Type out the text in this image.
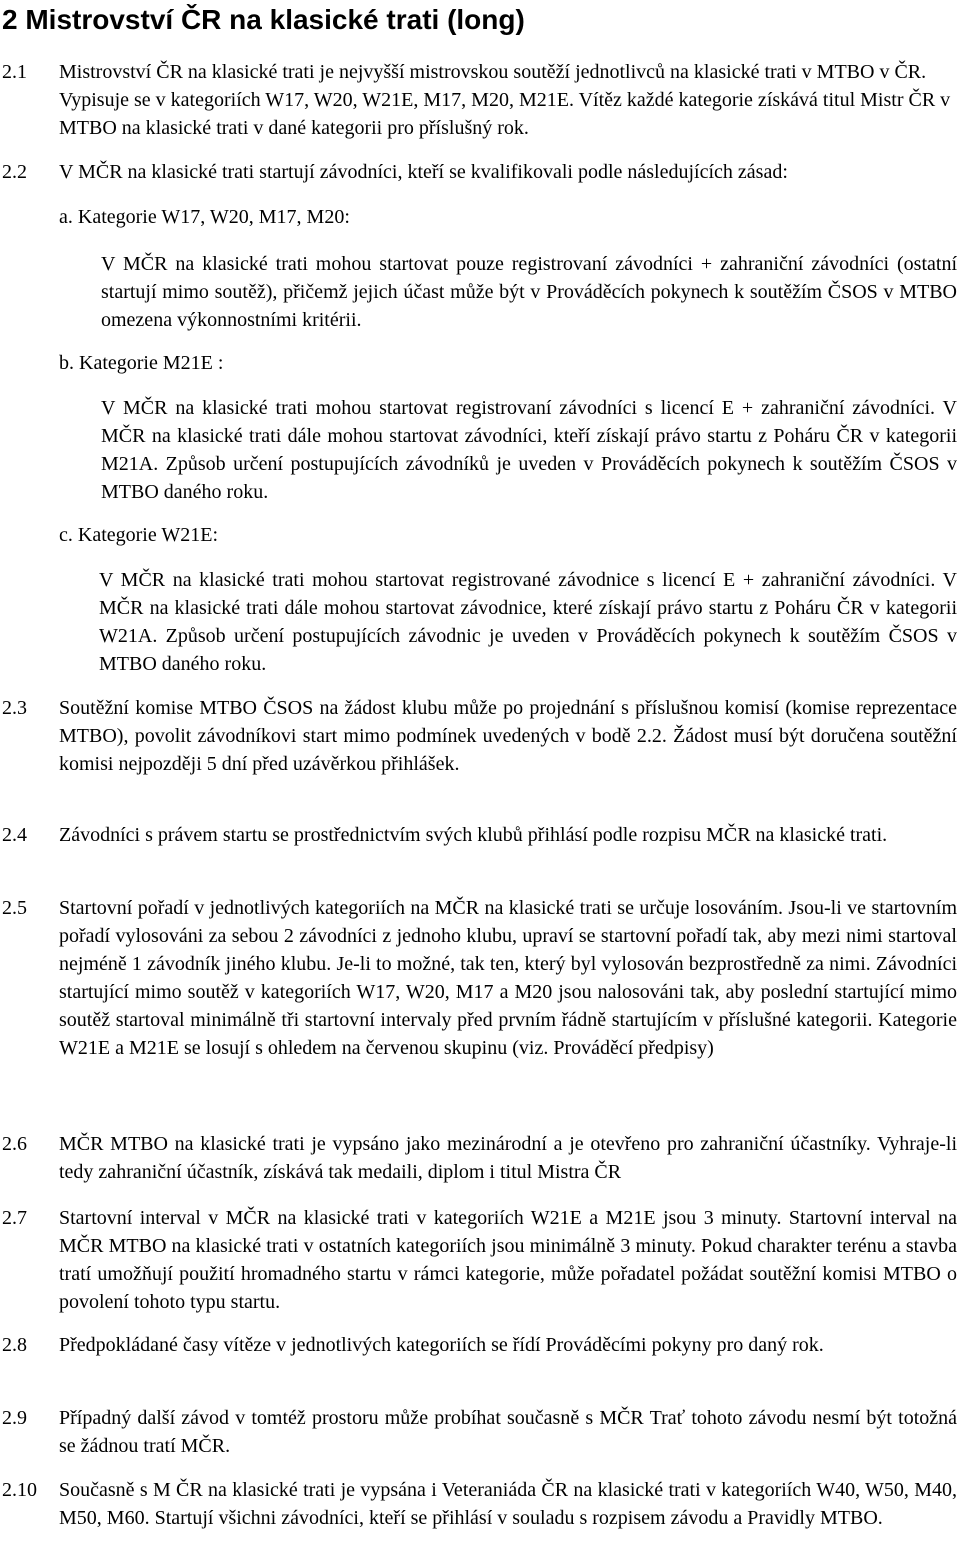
2 Mistrovství ČR na klasické trati (long)
2.1 Mistrovství ČR na klasické trati je nejvyšší mistrovskou soutěží jednotlivců na klasické trati v MTBO v ČR. Vypisuje se v kategoriích W17, W20, W21E, M17, M20, M21E. Vítěz každé kategorie získává titul Mistr ČR v MTBO na klasické trati v dané kategorii pro příslušný rok.
2.2 V MČR na klasické trati startují závodníci, kteří se kvalifikovali podle následujících zásad:
a. Kategorie W17, W20, M17, M20:
V MČR na klasické trati mohou startovat pouze registrovaní závodníci + zahraniční závodníci (ostatní startují mimo soutěž), přičemž jejich účast může být v Prováděcích pokynech k soutěžím ČSOS v MTBO omezena výkonnostními kritérii.
b. Kategorie M21E :
V MČR na klasické trati mohou startovat registrovaní závodníci s licencí E + zahraniční závodníci. V MČR na klasické trati dále mohou startovat závodníci, kteří získají právo startu z Poháru ČR v kategorii M21A. Způsob určení postupujících závodníků je uveden v Prováděcích pokynech k soutěžím ČSOS v MTBO daného roku.
c. Kategorie W21E:
V MČR na klasické trati mohou startovat registrované závodnice s licencí E + zahraniční závodníci. V MČR na klasické trati dále mohou startovat závodnice, které získají právo startu z Poháru ČR v kategorii W21A. Způsob určení postupujících závodnic je uveden v Prováděcích pokynech k soutěžím ČSOS v MTBO daného roku.
2.3 Soutěžní komise MTBO ČSOS na žádost klubu může po projednání s příslušnou komisí (komise reprezentace MTBO), povolit závodníkovi start mimo podmínek uvedených v bodě 2.2. Žádost musí být doručena soutěžní komisi nejpozději 5 dní před uzávěrkou přihlášek.
2.4 Závodníci s právem startu se prostřednictvím svých klubů přihlásí podle rozpisu MČR na klasické trati.
2.5 Startovní pořadí v jednotlivých kategoriích na MČR na klasické trati se určuje losováním. Jsou-li ve startovním pořadí vylosováni za sebou 2 závodníci z jednoho klubu, upraví se startovní pořadí tak, aby mezi nimi startoval nejméně 1 závodník jiného klubu. Je-li to možné, tak ten, který byl vylosován bezprostředně za nimi. Závodníci startující mimo soutěž v kategoriích W17, W20, M17 a M20 jsou nalosováni tak, aby poslední startující mimo soutěž startoval minimálně tři startovní intervaly před prvním řádně startujícím v příslušné kategorii. Kategorie W21E a M21E se losují s ohledem na červenou skupinu (viz. Prováděcí předpisy)
2.6 MČR MTBO na klasické trati je vypsáno jako mezinárodní a je otevřeno pro zahraniční účastníky. Vyhraje-li tedy zahraniční účastník, získává tak medaili, diplom i titul Mistra ČR
2.7 Startovní interval v MČR na klasické trati v kategoriích W21E a M21E jsou 3 minuty. Startovní interval na MČR MTBO na klasické trati v ostatních kategoriích jsou minimálně 3 minuty. Pokud charakter terénu a stavba tratí umožňují použití hromadného startu v rámci kategorie, může pořadatel požádat soutěžní komisi MTBO o povolení tohoto typu startu.
2.8 Předpokládané časy vítěze v jednotlivých kategoriích se řídí Prováděcími pokyny pro daný rok.
2.9 Případný další závod v tomtéž prostoru může probíhat současně s MČR Trať tohoto závodu nesmí být totožná se žádnou tratí MČR.
2.10 Současně s M ČR na klasické trati je vypsána i Veteraniáda ČR na klasické trati v kategoriích W40, W50, M40, M50, M60. Startují všichni závodníci, kteří se přihlásí v souladu s rozpisem závodu a Pravidly MTBO.
